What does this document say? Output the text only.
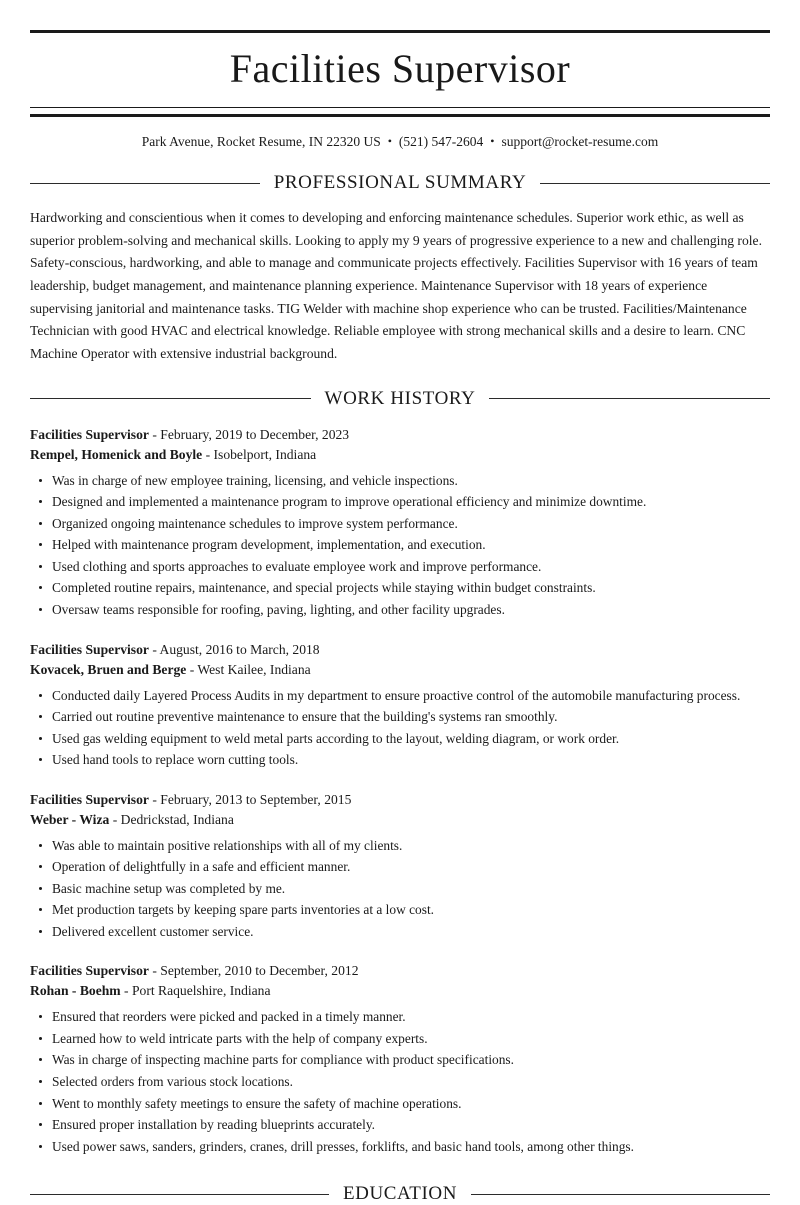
Facilities Supervisor
Park Avenue, Rocket Resume, IN 22320 US • (521) 547-2604 • support@rocket-resume.com
PROFESSIONAL SUMMARY

Hardworking and conscientious when it comes to developing and enforcing maintenance schedules. Superior work ethic, as well as superior problem-solving and mechanical skills. Looking to apply my 9 years of progressive experience to a new and challenging role. Safety-conscious, hardworking, and able to manage and communicate projects effectively. Facilities Supervisor with 16 years of team leadership, budget management, and maintenance planning experience. Maintenance Supervisor with 18 years of experience supervising janitorial and maintenance tasks. TIG Welder with machine shop experience who can be trusted. Facilities/Maintenance Technician with good HVAC and electrical knowledge. Reliable employee with strong mechanical skills and a desire to learn. CNC Machine Operator with extensive industrial background.

WORK HISTORY
Facilities Supervisor - February, 2019 to December, 2023
Rempel, Homenick and Boyle - Isobelport, Indiana
Was in charge of new employee training, licensing, and vehicle inspections.
Designed and implemented a maintenance program to improve operational efficiency and minimize downtime.
Organized ongoing maintenance schedules to improve system performance.
Helped with maintenance program development, implementation, and execution.
Used clothing and sports approaches to evaluate employee work and improve performance.
Completed routine repairs, maintenance, and special projects while staying within budget constraints.
Oversaw teams responsible for roofing, paving, lighting, and other facility upgrades.
Facilities Supervisor - August, 2016 to March, 2018
Kovacek, Bruen and Berge - West Kailee, Indiana
Conducted daily Layered Process Audits in my department to ensure proactive control of the automobile manufacturing process.
Carried out routine preventive maintenance to ensure that the building's systems ran smoothly.
Used gas welding equipment to weld metal parts according to the layout, welding diagram, or work order.
Used hand tools to replace worn cutting tools.
Facilities Supervisor - February, 2013 to September, 2015
Weber - Wiza - Dedrickstad, Indiana
Was able to maintain positive relationships with all of my clients.
Operation of delightfully in a safe and efficient manner.
Basic machine setup was completed by me.
Met production targets by keeping spare parts inventories at a low cost.
Delivered excellent customer service.
Facilities Supervisor - September, 2010 to December, 2012
Rohan - Boehm - Port Raquelshire, Indiana
Ensured that reorders were picked and packed in a timely manner.
Learned how to weld intricate parts with the help of company experts.
Was in charge of inspecting machine parts for compliance with product specifications.
Selected orders from various stock locations.
Went to monthly safety meetings to ensure the safety of machine operations.
Ensured proper installation by reading blueprints accurately.
Used power saws, sanders, grinders, cranes, drill presses, forklifts, and basic hand tools, among other things.
EDUCATION
